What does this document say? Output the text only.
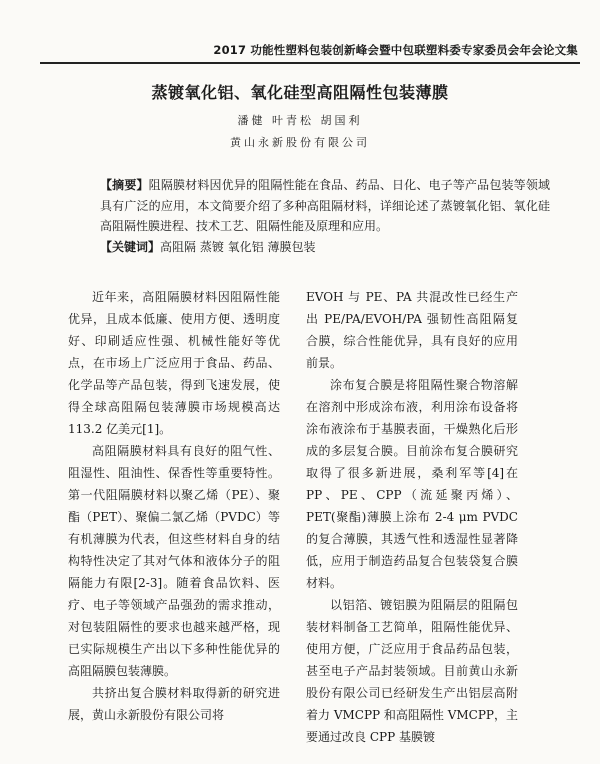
2017 功能性塑料包装创新峰会暨中包联塑料委专家委员会年会论文集
蒸镀氧化铝、氧化硅型高阻隔性包装薄膜
潘健 叶青松 胡国利
黄山永新股份有限公司
【摘要】阻隔膜材料因优异的阻隔性能在食品、药品、日化、电子等产品包装等领域具有广泛的应用，本文简要介绍了多种高阻隔材料，详细论述了蒸镀氧化铝、氧化硅高阻隔性膜进程、技术工艺、阻隔性能及原理和应用。
【关键词】高阻隔 蒸镀 氧化铝 薄膜包装

近年来，高阻隔膜材料因阻隔性能优异，且成本低廉、使用方便、透明度好、印刷适应性强、机械性能好等优点，在市场上广泛应用于食品、药品、化学品等产品包装，得到飞速发展，使得全球高阻隔包装薄膜市场规模高达 113.2 亿美元[1]。

高阻隔膜材料具有良好的阻气性、阻湿性、阻油性、保香性等重要特性。第一代阻隔膜材料以聚乙烯（PE）、聚酯（PET）、聚偏二氯乙烯（PVDC）等有机薄膜为代表，但这些材料自身的结构特性决定了其对气体和液体分子的阻隔能力有限[2-3]。随着食品饮料、医疗、电子等领域产品强劲的需求推动，对包装阻隔性的要求也越来越严格，现已实际规模生产出以下多种性能优异的高阻隔膜包装薄膜。

共挤出复合膜材料取得新的研究进展，黄山永新股份有限公司将

EVOH 与 PE、PA 共混改性已经生产出 PE/PA/EVOH/PA 强韧性高阻隔复合膜，综合性能优异，具有良好的应用前景。

涂布复合膜是将阻隔性聚合物溶解在溶剂中形成涂布液，利用涂布设备将涂布液涂布于基膜表面，干燥熟化后形成的多层复合膜。目前涂布复合膜研究取得了很多新进展，桑利军等[4]在 PP、PE、CPP（流延聚丙烯）、PET(聚酯)薄膜上涂布 2-4 μm PVDC 的复合薄膜，其透气性和透湿性显著降低，应用于制造药品复合包装袋复合膜材料。

以铝箔、镀铝膜为阻隔层的阻隔包装材料制备工艺简单，阻隔性能优异、使用方便，广泛应用于食品药品包装，甚至电子产品封装领域。目前黄山永新股份有限公司已经研发生产出铝层高附着力 VMCPP 和高阻隔性 VMCPP，主要通过改良 CPP 基膜镀
